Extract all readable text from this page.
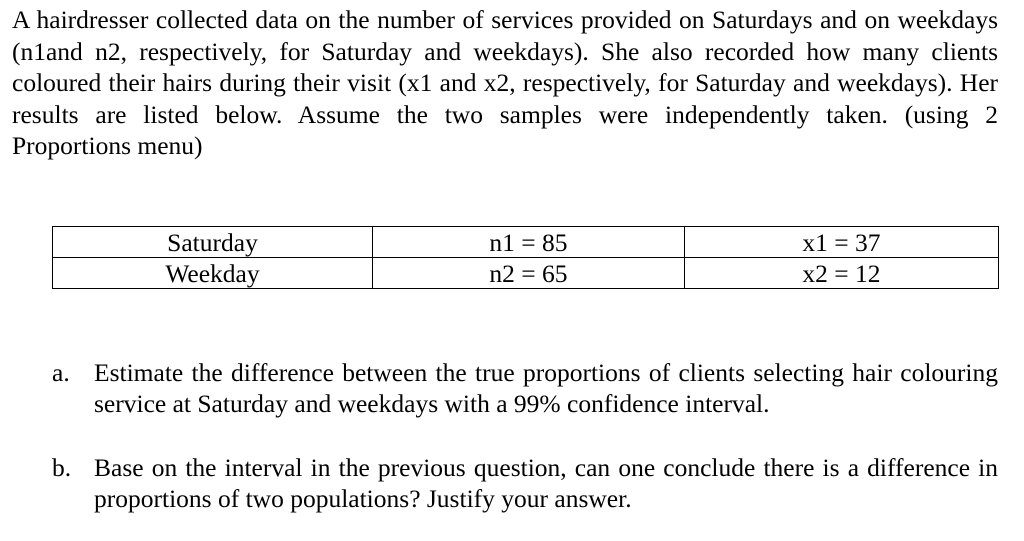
A hairdresser collected data on the number of services provided on Saturdays and on weekdays (n1and n2, respectively, for Saturday and weekdays). She also recorded how many clients coloured their hairs during their visit (x1 and x2, respectively, for Saturday and weekdays). Her results are listed below. Assume the two samples were independently taken. (using 2 Proportions menu)

Saturday	n1 = 85	x1 = 37
Weekday	n2 = 65	x2 = 12
a. Estimate the difference between the true proportions of clients selecting hair colouring service at Saturday and weekdays with a 99% confidence interval.
b. Base on the interval in the previous question, can one conclude there is a difference in proportions of two populations? Justify your answer.
